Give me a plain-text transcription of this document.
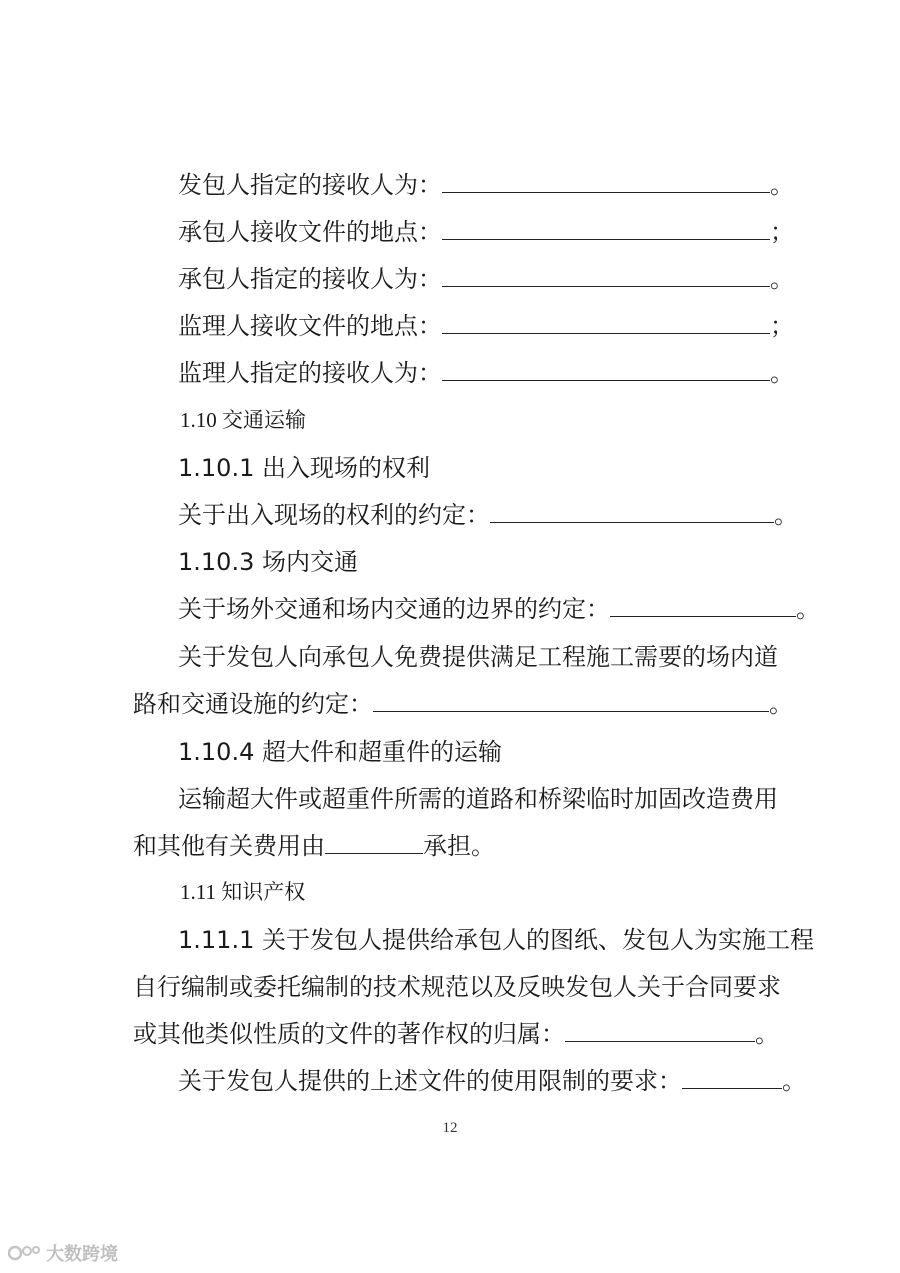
发包人指定的接收人为：	。
承包人接收文件的地点：	；
承包人指定的接收人为：	。
监理人接收文件的地点：	；
监理人指定的接收人为：	。
1.10 交通运输
1.10.1 出入现场的权利
关于出入现场的权利的约定：	。
1.10.3 场内交通
关于场外交通和场内交通的边界的约定：	。
关于发包人向承包人免费提供满足工程施工需要的场内道
路和交通设施的约定：	。
1.10.4 超大件和超重件的运输
运输超大件或超重件所需的道路和桥梁临时加固改造费用
和其他有关费用由	承担。
1.11 知识产权
1.11.1 关于发包人提供给承包人的图纸、发包人为实施工程
自行编制或委托编制的技术规范以及反映发包人关于合同要求
或其他类似性质的文件的著作权的归属：	。
关于发包人提供的上述文件的使用限制的要求：	。
12
大数跨境
